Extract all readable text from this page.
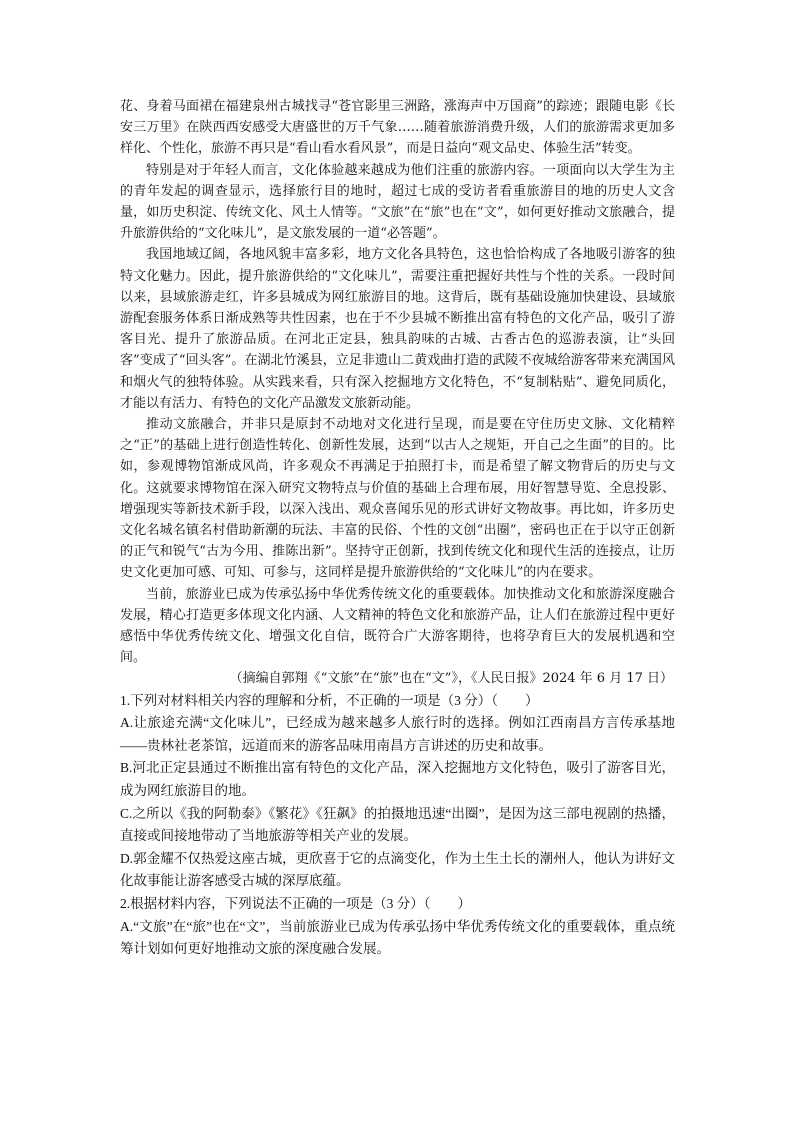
花、身着马面裙在福建泉州古城找寻“苍官影里三洲路，涨海声中万国商”的踪迹；跟随电影《长安三万里》在陕西西安感受大唐盛世的万千气象……随着旅游消费升级，人们的旅游需求更加多样化、个性化，旅游不再只是“看山看水看风景”，而是日益向“观文品史、体验生活”转变。

特别是对于年轻人而言，文化体验越来越成为他们注重的旅游内容。一项面向以大学生为主的青年发起的调查显示，选择旅行目的地时，超过七成的受访者看重旅游目的地的历史人文含量，如历史积淀、传统文化、风土人情等。“文旅”在“旅”也在“文”，如何更好推动文旅融合，提升旅游供给的“文化味儿”，是文旅发展的一道“必答题”。

我国地域辽阔，各地风貌丰富多彩，地方文化各具特色，这也恰恰构成了各地吸引游客的独特文化魅力。因此，提升旅游供给的“文化味儿”，需要注重把握好共性与个性的关系。一段时间以来，县域旅游走红，许多县城成为网红旅游目的地。这背后，既有基础设施加快建设、县域旅游配套服务体系日渐成熟等共性因素，也在于不少县城不断推出富有特色的文化产品，吸引了游客目光、提升了旅游品质。在河北正定县，独具韵味的古城、古香古色的巡游表演，让“头回客”变成了“回头客”。在湖北竹溪县，立足非遗山二黄戏曲打造的武陵不夜城给游客带来充满国风和烟火气的独特体验。从实践来看，只有深入挖掘地方文化特色，不“复制粘贴”、避免同质化，才能以有活力、有特色的文化产品激发文旅新动能。

推动文旅融合，并非只是原封不动地对文化进行呈现，而是要在守住历史文脉、文化精粹之“正”的基础上进行创造性转化、创新性发展，达到“以古人之规矩，开自己之生面”的目的。比如，参观博物馆渐成风尚，许多观众不再满足于拍照打卡，而是希望了解文物背后的历史与文化。这就要求博物馆在深入研究文物特点与价值的基础上合理布展，用好智慧导览、全息投影、增强现实等新技术新手段，以深入浅出、观众喜闻乐见的形式讲好文物故事。再比如，许多历史文化名城名镇名村借助新潮的玩法、丰富的民俗、个性的文创“出圈”，密码也正在于以守正创新的正气和锐气“古为今用、推陈出新”。坚持守正创新，找到传统文化和现代生活的连接点，让历史文化更加可感、可知、可参与，这同样是提升旅游供给的“文化味儿”的内在要求。

当前，旅游业已成为传承弘扬中华优秀传统文化的重要载体。加快推动文化和旅游深度融合发展，精心打造更多体现文化内涵、人文精神的特色文化和旅游产品，让人们在旅游过程中更好感悟中华优秀传统文化、增强文化自信，既符合广大游客期待，也将孕育巨大的发展机遇和空间。

（摘编自郭翔《“文旅”在“旅”也在“文”》，《人民日报》2024 年 6 月 17 日）

1.下列对材料相关内容的理解和分析，不正确的一项是（3 分）（　　）

A.让旅途充满“文化味儿”，已经成为越来越多人旅行时的选择。例如江西南昌方言传承基地——贵林社老茶馆，远道而来的游客品味用南昌方言讲述的历史和故事。

B.河北正定县通过不断推出富有特色的文化产品，深入挖掘地方文化特色，吸引了游客目光，成为网红旅游目的地。

C.之所以《我的阿勒泰》《繁花》《狂飙》的拍摄地迅速“出圈”，是因为这三部电视剧的热播，直接或间接地带动了当地旅游等相关产业的发展。

D.郭金耀不仅热爱这座古城，更欣喜于它的点滴变化，作为土生土长的潮州人，他认为讲好文化故事能让游客感受古城的深厚底蕴。

2.根据材料内容，下列说法不正确的一项是（3 分）（　　）

A.“文旅”在“旅”也在“文”，当前旅游业已成为传承弘扬中华优秀传统文化的重要载体，重点统筹计划如何更好地推动文旅的深度融合发展。
